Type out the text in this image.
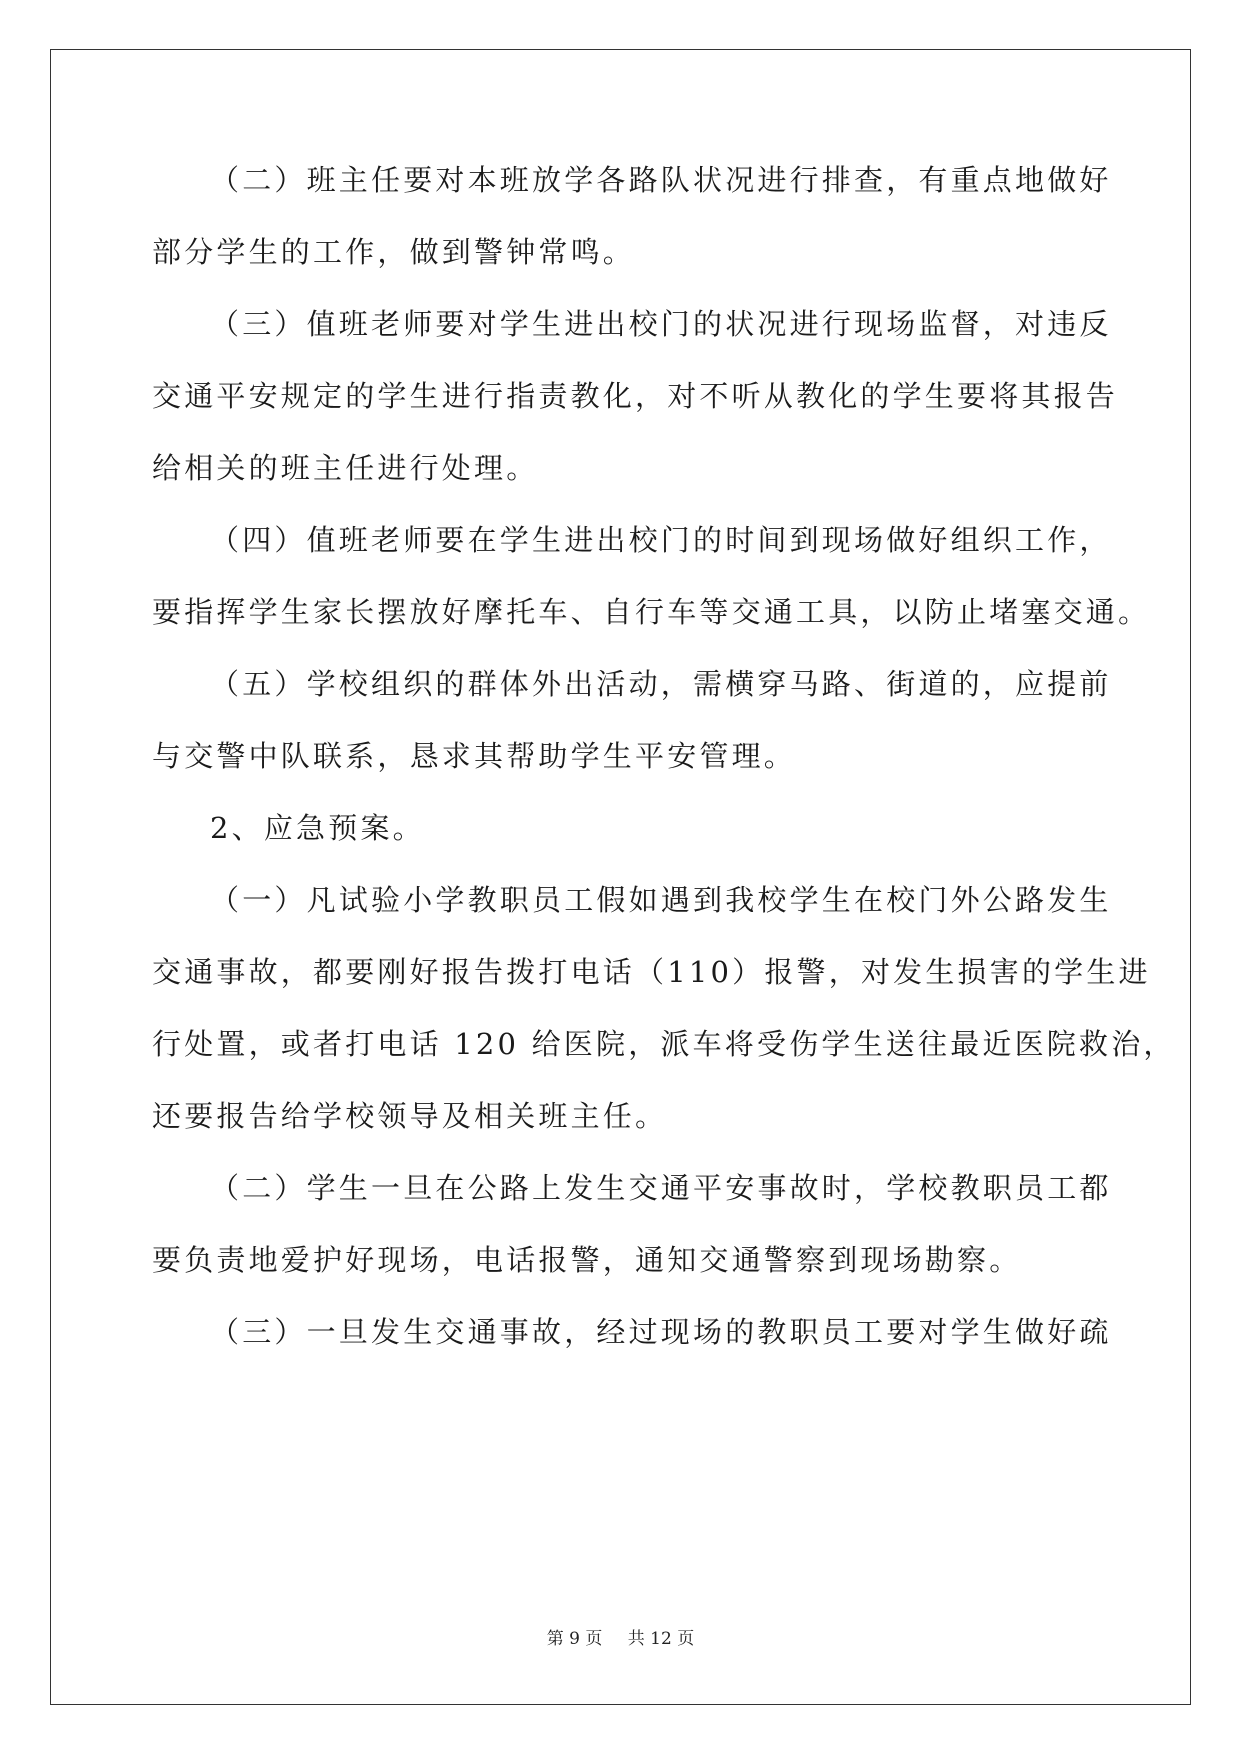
（二）班主任要对本班放学各路队状况进行排查，有重点地做好
部分学生的工作，做到警钟常鸣。
（三）值班老师要对学生进出校门的状况进行现场监督，对违反
交通平安规定的学生进行指责教化，对不听从教化的学生要将其报告
给相关的班主任进行处理。
（四）值班老师要在学生进出校门的时间到现场做好组织工作，
要指挥学生家长摆放好摩托车、自行车等交通工具，以防止堵塞交通。
（五）学校组织的群体外出活动，需横穿马路、街道的，应提前
与交警中队联系，恳求其帮助学生平安管理。
2、应急预案。
（一）凡试验小学教职员工假如遇到我校学生在校门外公路发生
交通事故，都要刚好报告拨打电话（110）报警，对发生损害的学生进
行处置，或者打电话 120 给医院，派车将受伤学生送往最近医院救治，
还要报告给学校领导及相关班主任。
（二）学生一旦在公路上发生交通平安事故时，学校教职员工都
要负责地爱护好现场，电话报警，通知交通警察到现场勘察。
（三）一旦发生交通事故，经过现场的教职员工要对学生做好疏
第 9 页 共 12 页
